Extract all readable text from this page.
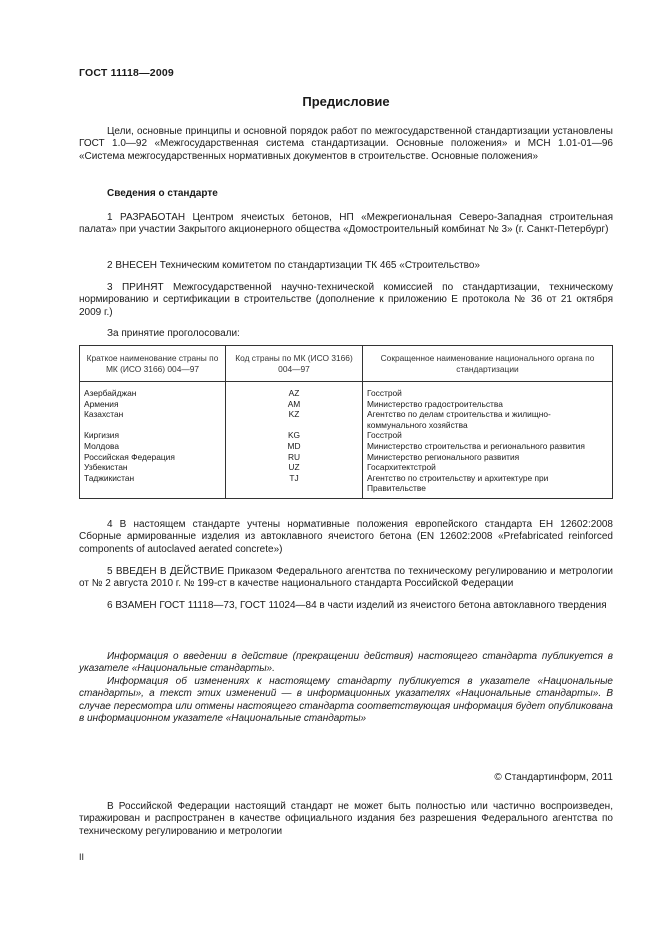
ГОСТ 11118—2009
Предисловие

Цели, основные принципы и основной порядок работ по межгосударственной стандартизации установлены ГОСТ 1.0—92 «Межгосударственная система стандартизации. Основные положения» и МСН 1.01-01—96 «Система межгосударственных нормативных документов в строительстве. Основные положения»

Сведения о стандарте

1 РАЗРАБОТАН Центром ячеистых бетонов, НП «Межрегиональная Северо-Западная строительная палата» при участии Закрытого акционерного общества «Домостроительный комбинат № 3» (г. Санкт-Петербург)

2 ВНЕСЕН Техническим комитетом по стандартизации ТК 465 «Строительство»

3 ПРИНЯТ Межгосударственной научно-технической комиссией по стандартизации, техническому нормированию и сертификации в строительстве (дополнение к приложению Е протокола № 36 от 21 октября 2009 г.)

За принятие проголосовали:
Краткое наименование страны по МК (ИСО 3166) 004—97	Код страны по МК (ИСО 3166) 004—97	Сокращенное наименование национального органа по стандартизации
Азербайджан	AZ	Госстрой
Армения	AM	Министерство градостроительства
Казахстан	KZ	Агентство по делам строительства и жилищно-коммунального хозяйства
Киргизия	KG	Госстрой
Молдова	MD	Министерство строительства и регионального развития
Российская Федерация	RU	Министерство регионального развития
Узбекистан	UZ	Госархитектстрой
Таджикистан	TJ	Агентство по строительству и архитектуре при Правительстве

4 В настоящем стандарте учтены нормативные положения европейского стандарта ЕН 12602:2008 Сборные армированные изделия из автоклавного ячеистого бетона (EN 12602:2008 «Prefabricated reinforced components of autoclaved aerated concrete»)

5 ВВЕДЕН В ДЕЙСТВИЕ Приказом Федерального агентства по техническому регулированию и метрологии от № 2 августа 2010 г. № 199-ст в качестве национального стандарта Российской Федерации

6 ВЗАМЕН ГОСТ 11118—73, ГОСТ 11024—84 в части изделий из ячеистого бетона автоклавного твердения

Информация о введении в действие (прекращении действия) настоящего стандарта публикуется в указателе «Национальные стандарты».

Информация об изменениях к настоящему стандарту публикуется в указателе «Национальные стандарты», а текст этих изменений — в информационных указателях «Национальные стандарты». В случае пересмотра или отмены настоящего стандарта соответствующая информация будет опубликована в информационном указателе «Национальные стандарты»

© Стандартинформ, 2011

В Российской Федерации настоящий стандарт не может быть полностью или частично воспроизведен, тиражирован и распространен в качестве официального издания без разрешения Федерального агентства по техническому регулированию и метрологии

II
